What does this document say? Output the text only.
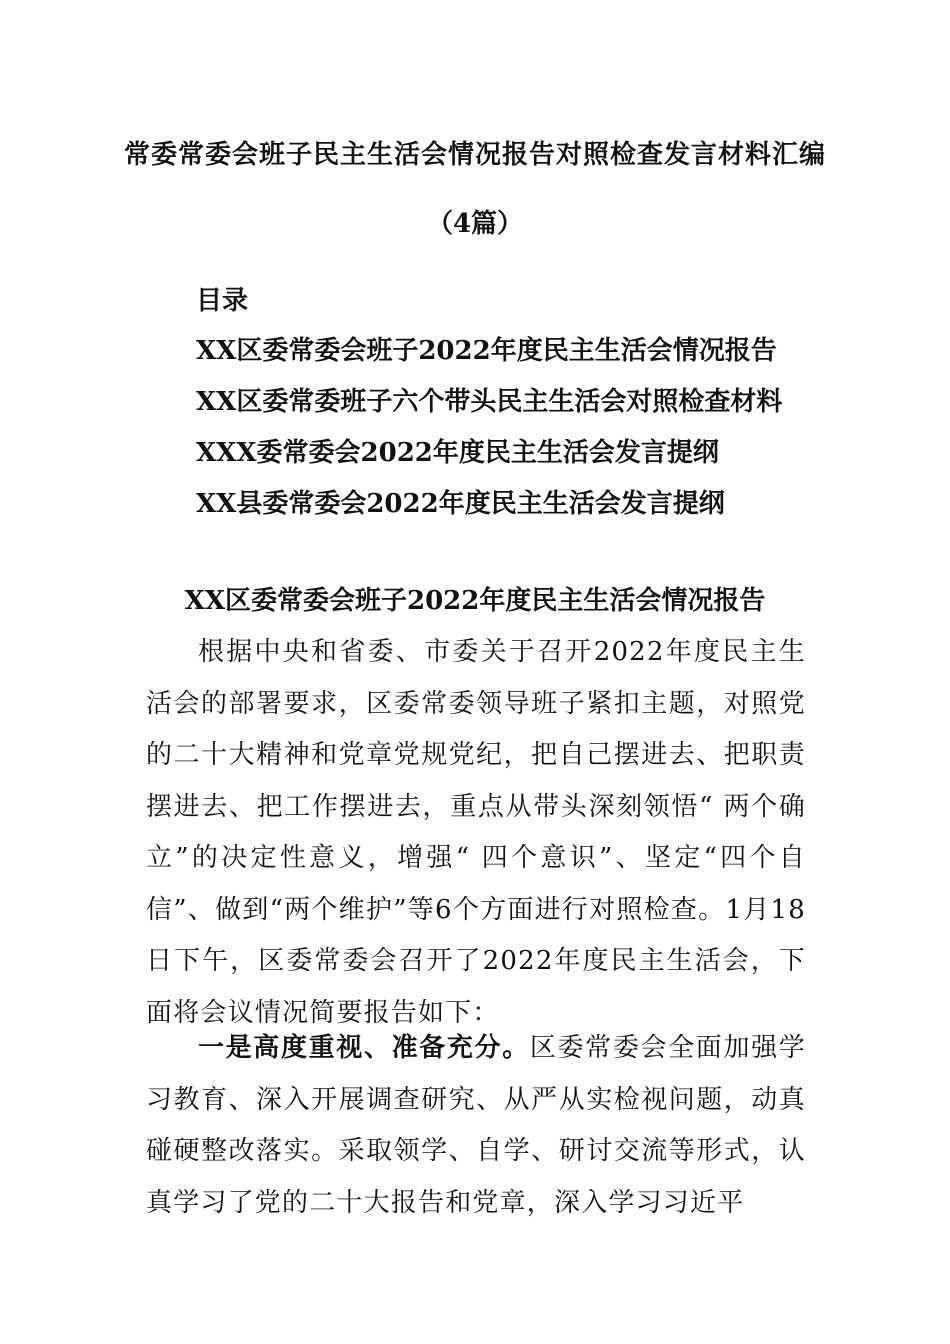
常委常委会班子民主生活会情况报告对照检查发言材料汇编
（4篇）
目录
XX区委常委会班子2022年度民主生活会情况报告
XX区委常委班子六个带头民主生活会对照检查材料
XXX委常委会2022年度民主生活会发言提纲
XX县委常委会2022年度民主生活会发言提纲
XX区委常委会班子2022年度民主生活会情况报告

根据中央和省委、市委关于召开2022年度民主生活会的部署要求，区委常委领导班子紧扣主题，对照党的二十大精神和党章党规党纪，把自己摆进去、把职责摆进去、把工作摆进去，重点从带头深刻领悟“ 两个确立”的决定性意义，增强“ 四个意识”、坚定“四个自信”、做到“两个维护”等6个方面进行对照检查。1月18日下午，区委常委会召开了2022年度民主生活会，下面将会议情况简要报告如下：

一是高度重视、准备充分。区委常委会全面加强学习教育、深入开展调查研究、从严从实检视问题，动真碰硬整改落实。采取领学、自学、研讨交流等形式，认真学习了党的二十大报告和党章，深入学习习近平
